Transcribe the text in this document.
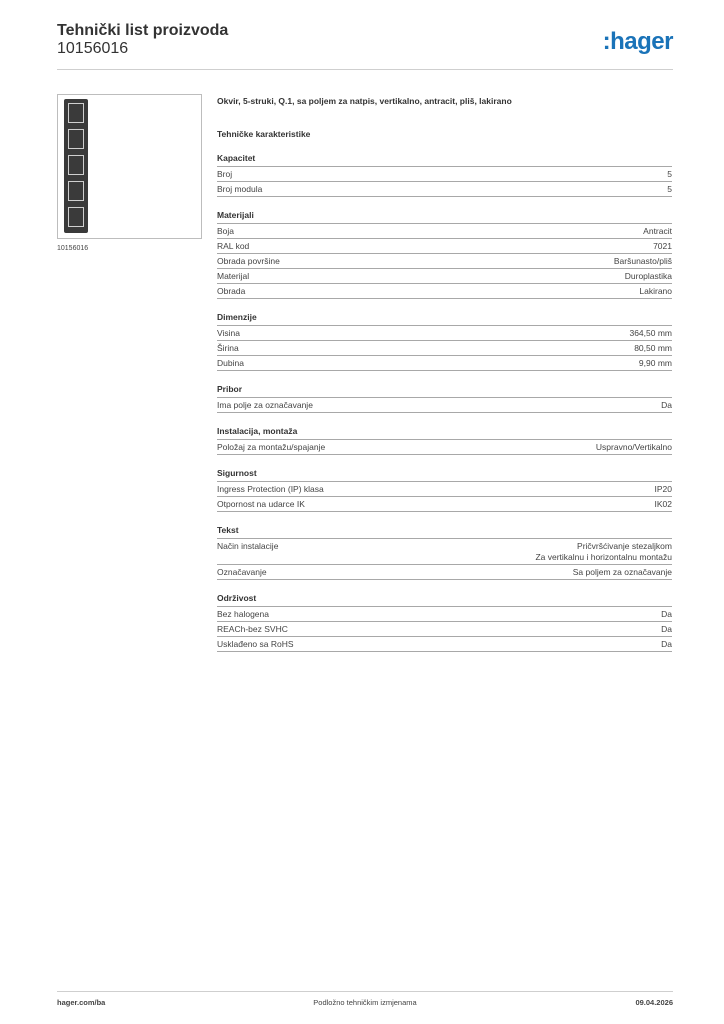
Tehnički list proizvoda
10156016	:hager
10156016
Okvir, 5-struki, Q.1, sa poljem za natpis, vertikalno, antracit, pliš, lakirano
Tehničke karakteristike
Kapacitet
Broj	5
Broj modula	5
Materijali
Boja	Antracit
RAL kod	7021
Obrada površine	Baršunasto/pliš
Materijal	Duroplastika
Obrada	Lakirano
Dimenzije
Visina	364,50 mm
Širina	80,50 mm
Dubina	9,90 mm
Pribor
Ima polje za označavanje	Da
Instalacija, montaža
Položaj za montažu/spajanje	Uspravno/Vertikalno
Sigurnost
Ingress Protection (IP) klasa	IP20
Otpornost na udarce IK	IK02
Tekst
Način instalacije	Pričvršćivanje stezaljkom
Za vertikalnu i horizontalnu montažu
Označavanje	Sa poljem za označavanje
Održivost
Bez halogena	Da
REACh-bez SVHC	Da
Usklađeno sa RoHS	Da
hager.com/ba	Podložno tehničkim izmjenama	09.04.2026
